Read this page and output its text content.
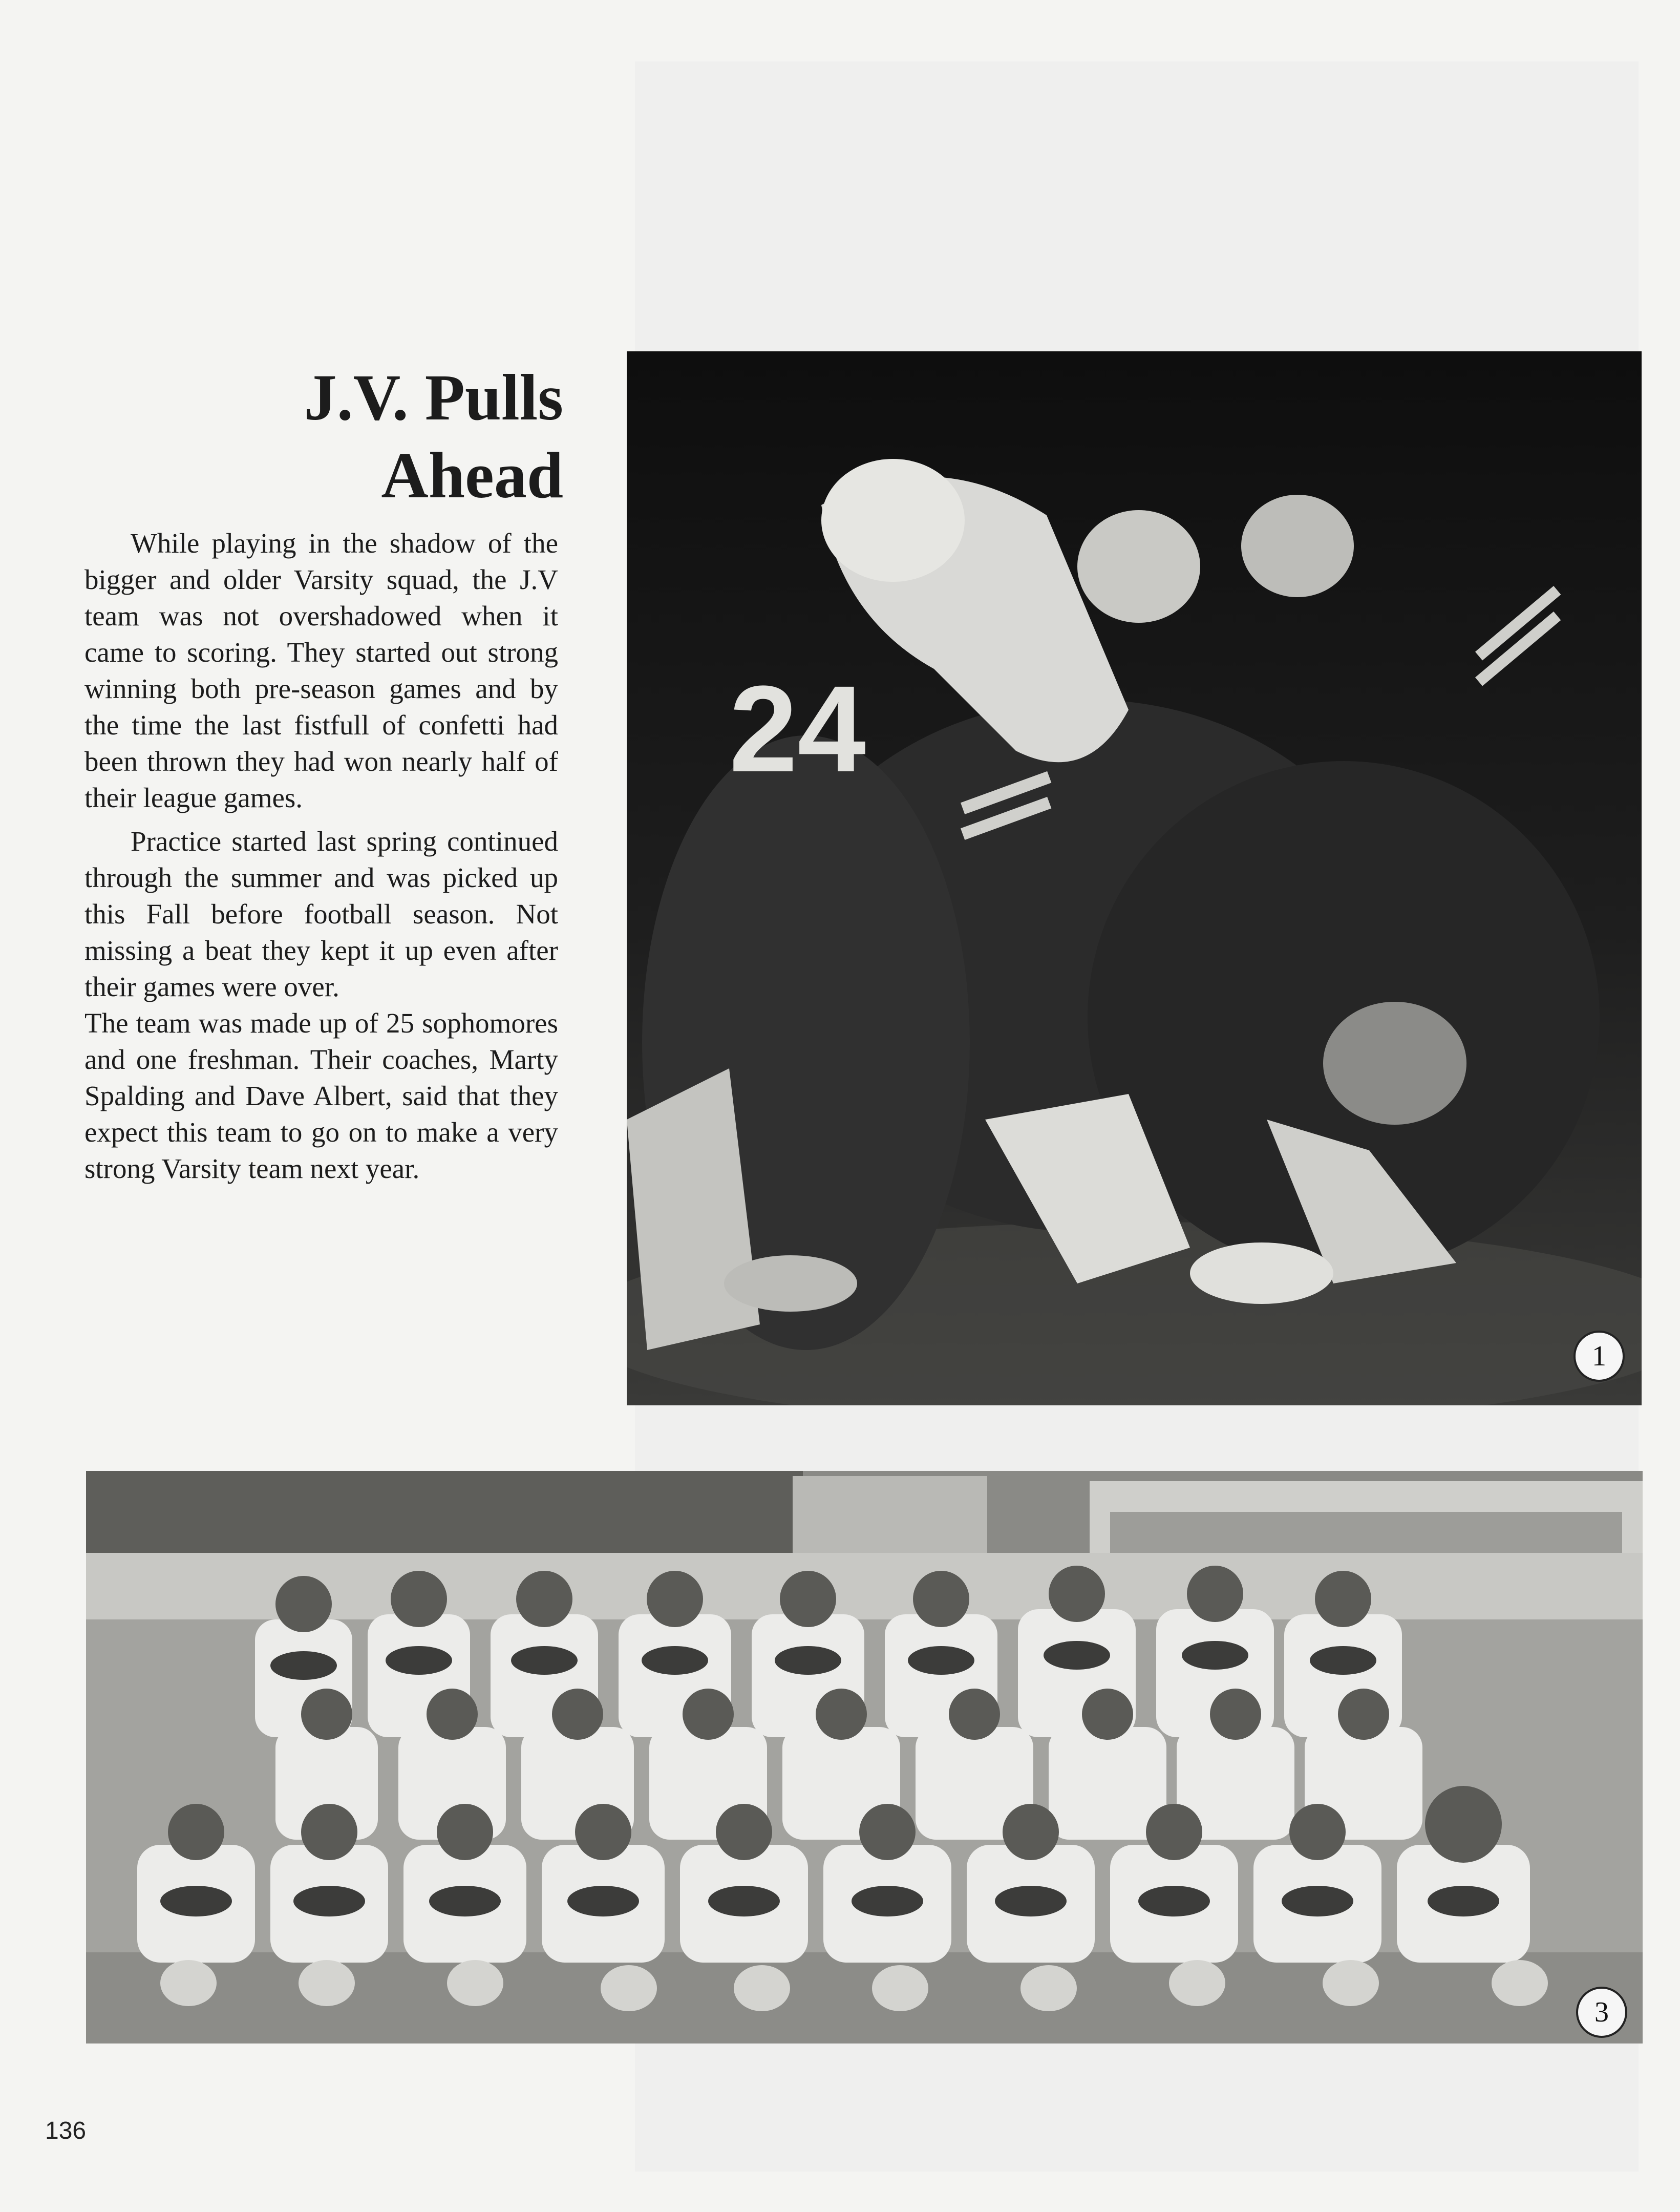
J.V. Pulls
Ahead

While playing in the shadow of the bigger and older Varsity squad, the J.V team was not overshadowed when it came to scoring. They started out strong winning both pre-season games and by the time the last fistfull of confetti had been thrown they had won nearly half of their league games.

Practice started last spring continued through the summer and was picked up this Fall before football season. Not missing a beat they kept it up even after their games were over.

The team was made up of 25 sophomores and one freshman. Their coaches, Marty Spalding and Dave Albert, said that they expect this team to go on to make a very strong Varsity team next year.

24
1
3
136
